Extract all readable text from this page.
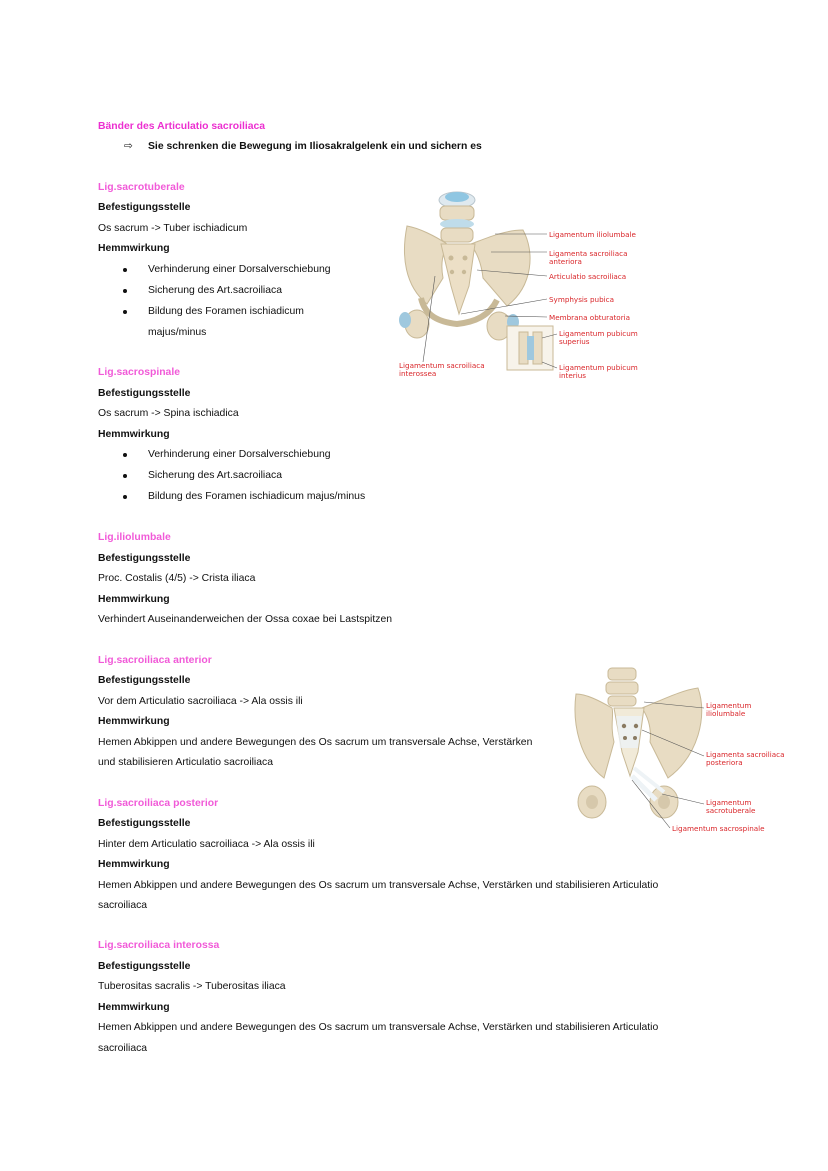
Bänder des Articulatio sacroiliaca
⇨ Sie schrenken die Bewegung im Iliosakralgelenk ein und sichern es
Lig.sacrotuberale
Befestigungsstelle
Os sacrum -> Tuber ischiadicum
Hemmwirkung
Verhinderung einer Dorsalverschiebung
Sicherung des Art.sacroiliaca
Bildung des Foramen ischiadicum
majus/minus
Lig.sacrospinale
Befestigungsstelle
Os sacrum -> Spina ischiadica
Hemmwirkung
Verhinderung einer Dorsalverschiebung
Sicherung des Art.sacroiliaca
Bildung des Foramen ischiadicum majus/minus
Lig.iliolumbale
Befestigungsstelle
Proc. Costalis (4/5) -> Crista iliaca
Hemmwirkung
Verhindert Auseinanderweichen der Ossa coxae bei Lastspitzen
Lig.sacroiliaca anterior
Befestigungsstelle
Vor dem Articulatio sacroiliaca -> Ala ossis ili
Hemmwirkung
Hemen Abkippen und andere Bewegungen des Os sacrum um transversale Achse, Verstärken
und stabilisieren Articulatio sacroiliaca
Lig.sacroiliaca posterior
Befestigungsstelle
Hinter dem Articulatio sacroiliaca -> Ala ossis ili
Hemmwirkung
Hemen Abkippen und andere Bewegungen des Os sacrum um transversale Achse, Verstärken und stabilisieren Articulatio
sacroiliaca
Lig.sacroiliaca interossa
Befestigungsstelle
Tuberositas sacralis -> Tuberositas iliaca
Hemmwirkung
Hemen Abkippen und andere Bewegungen des Os sacrum um transversale Achse, Verstärken und stabilisieren Articulatio
sacroiliaca
Ligamentum iliolumbale
Ligamenta sacroiliaca
anteriora
Articulatio sacroiliaca
Symphysis pubica
Membrana obturatoria
Ligamentum pubicum
superius
Ligamentum pubicum
interius
Ligamentum sacroiliaca
interossea
Ligamentum
iliolumbale
Ligamenta sacroiliaca
posteriora
Ligamentum
sacrotuberale
Ligamentum sacrospinale
